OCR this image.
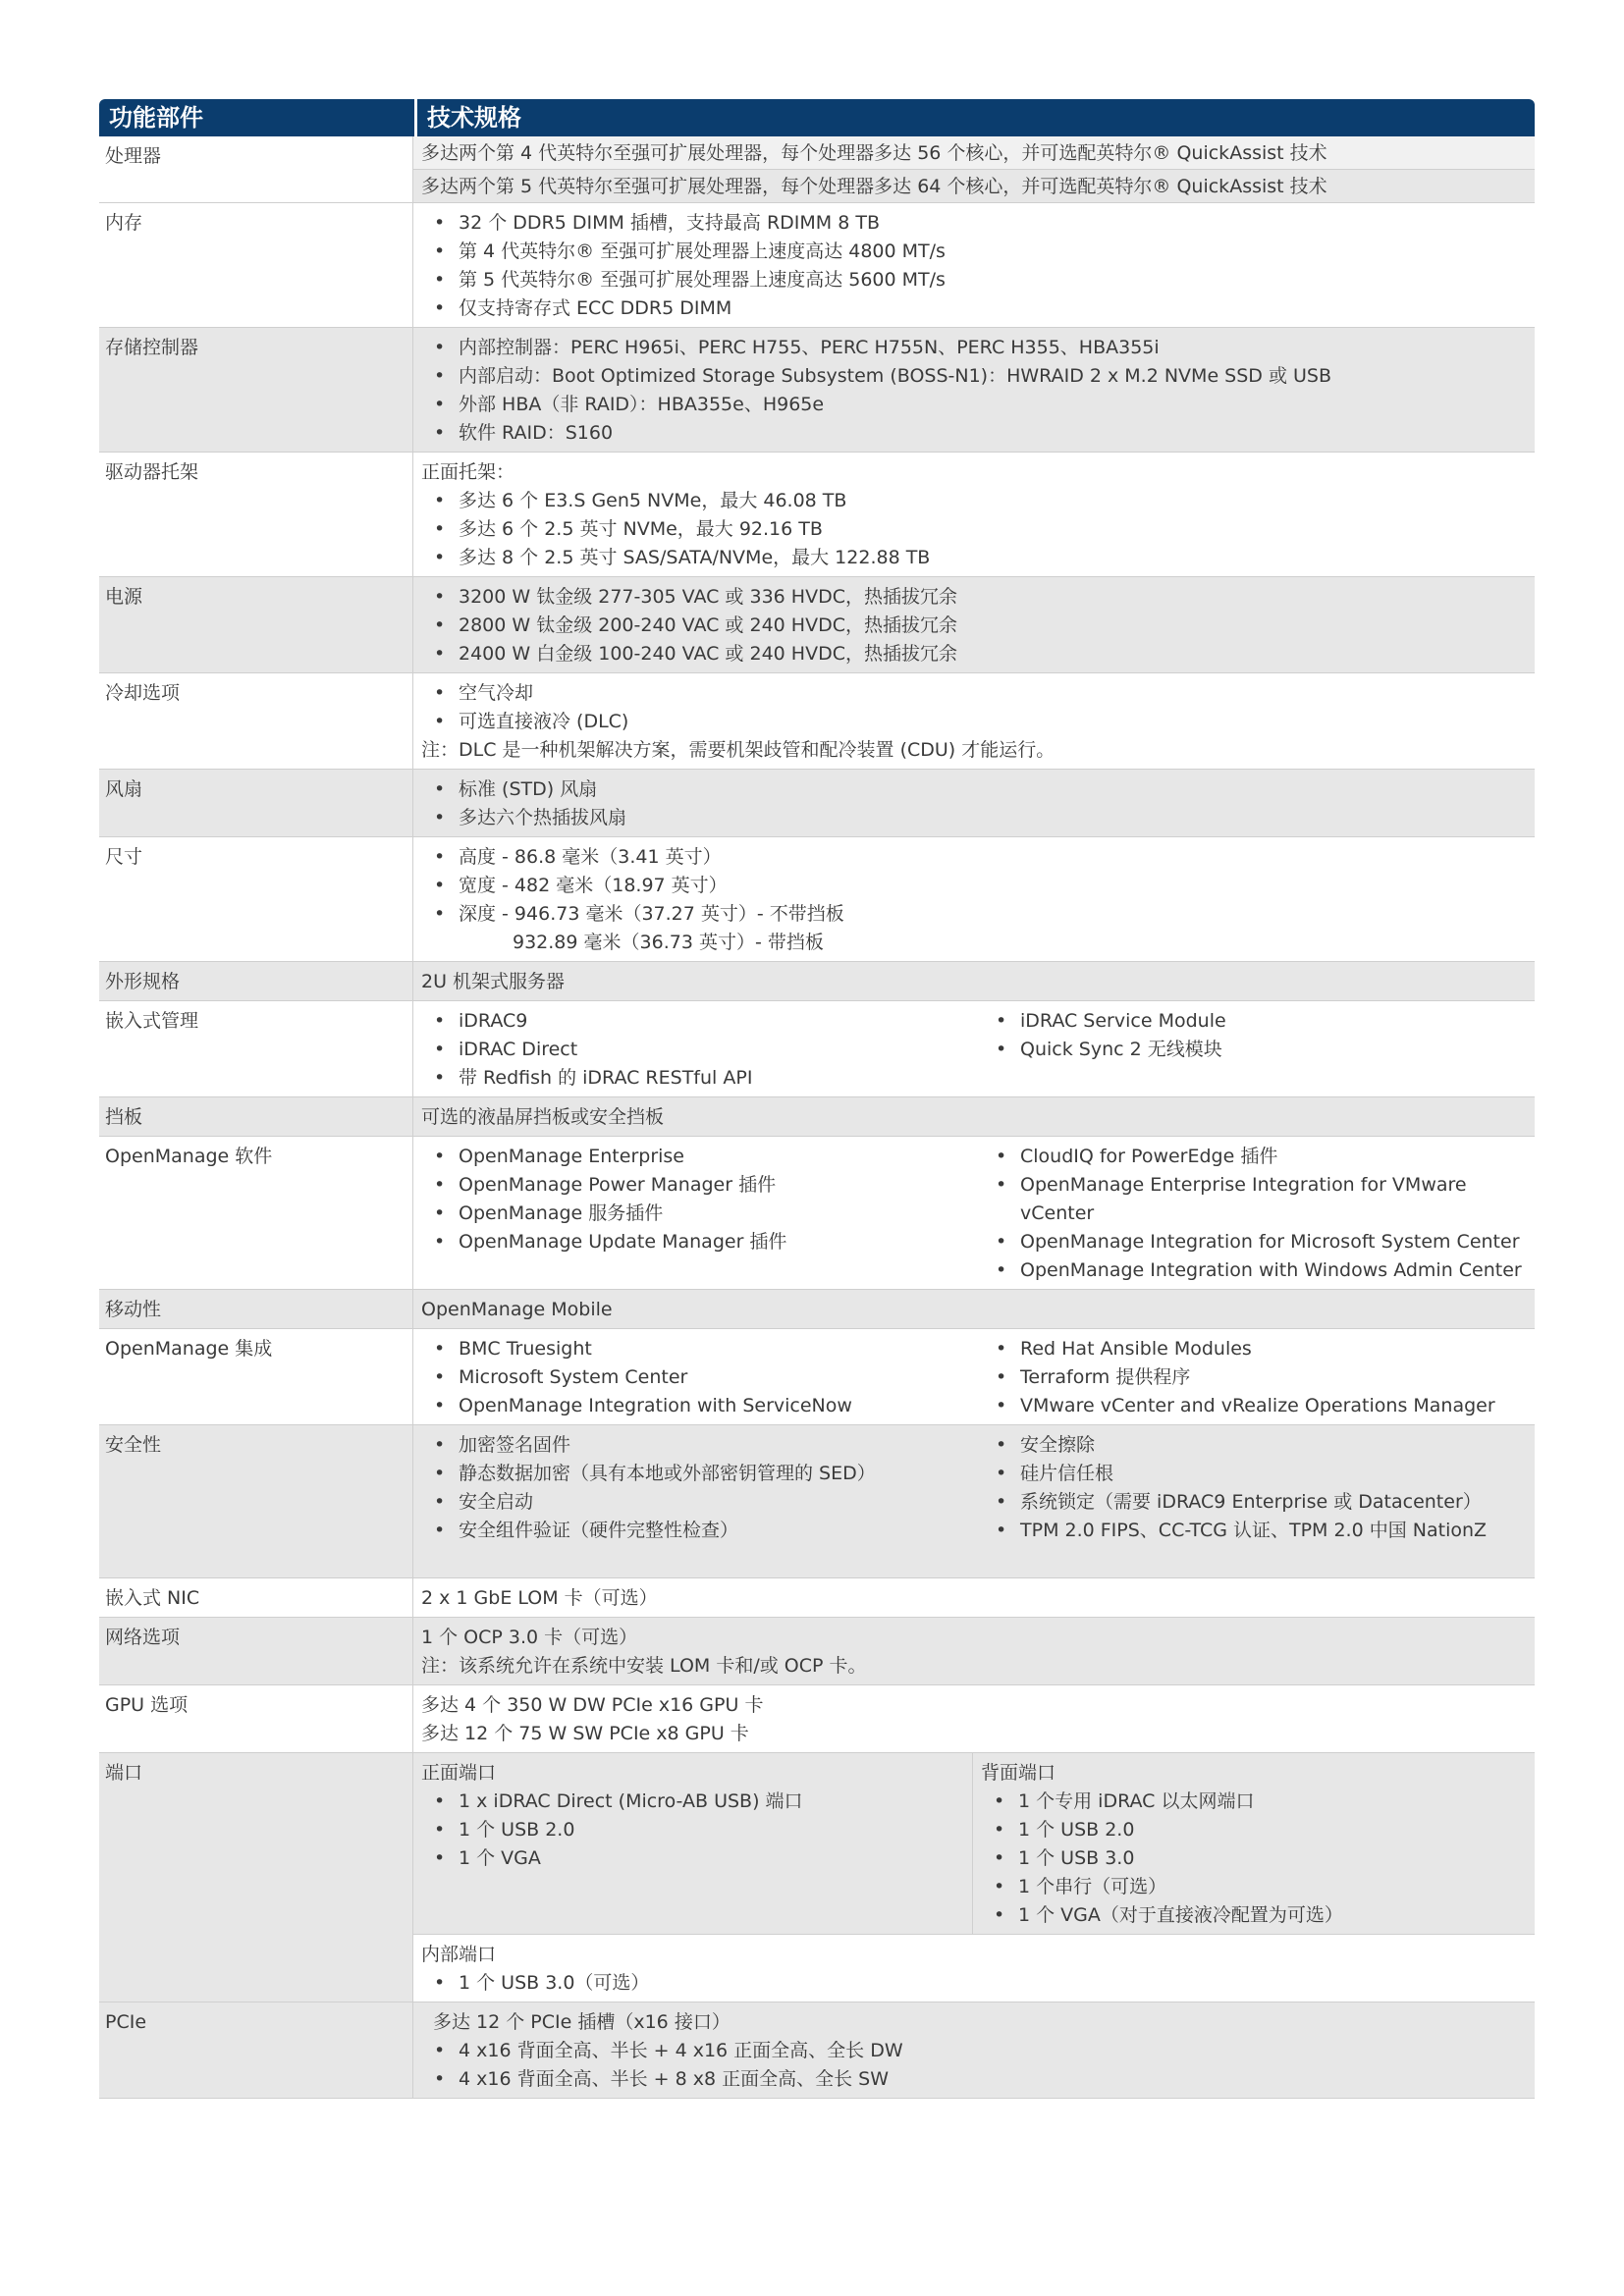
功能部件	技术规格
处理器	多达两个第 4 代英特尔至强可扩展处理器，每个处理器多达 56 个核心，并可选配英特尔® QuickAssist 技术
多达两个第 5 代英特尔至强可扩展处理器，每个处理器多达 64 个核心，并可选配英特尔® QuickAssist 技术
内存	• 32 个 DDR5 DIMM 插槽，支持最高 RDIMM 8 TB
• 第 4 代英特尔® 至强可扩展处理器上速度高达 4800 MT/s
• 第 5 代英特尔® 至强可扩展处理器上速度高达 5600 MT/s
• 仅支持寄存式 ECC DDR5 DIMM
存储控制器	• 内部控制器：PERC H965i、PERC H755、PERC H755N、PERC H355、HBA355i
• 内部启动：Boot Optimized Storage Subsystem (BOSS-N1)：HWRAID 2 x M.2 NVMe SSD 或 USB
• 外部 HBA（非 RAID）：HBA355e、H965e
• 软件 RAID：S160
驱动器托架	正面托架：
• 多达 6 个 E3.S Gen5 NVMe，最大 46.08 TB
• 多达 6 个 2.5 英寸 NVMe，最大 92.16 TB
• 多达 8 个 2.5 英寸 SAS/SATA/NVMe，最大 122.88 TB
电源	• 3200 W 钛金级 277-305 VAC 或 336 HVDC，热插拔冗余
• 2800 W 钛金级 200-240 VAC 或 240 HVDC，热插拔冗余
• 2400 W 白金级 100-240 VAC 或 240 HVDC，热插拔冗余
冷却选项	• 空气冷却
• 可选直接液冷 (DLC)
注：DLC 是一种机架解决方案，需要机架歧管和配冷装置 (CDU) 才能运行。
风扇	• 标准 (STD) 风扇
• 多达六个热插拔风扇
尺寸	• 高度 - 86.8 毫米（3.41 英寸）
• 宽度 - 482 毫米（18.97 英寸）
• 深度 - 946.73 毫米（37.27 英寸）- 不带挡板
932.89 毫米（36.73 英寸）- 带挡板
外形规格	2U 机架式服务器
嵌入式管理	• iDRAC9
• iDRAC Direct
• 带 Redfish 的 iDRAC RESTful API
• iDRAC Service Module
• Quick Sync 2 无线模块
挡板	可选的液晶屏挡板或安全挡板
OpenManage 软件	• OpenManage Enterprise
• OpenManage Power Manager 插件
• OpenManage 服务插件
• OpenManage Update Manager 插件
• CloudIQ for PowerEdge 插件
• OpenManage Enterprise Integration for VMware vCenter
• OpenManage Integration for Microsoft System Center
• OpenManage Integration with Windows Admin Center
移动性	OpenManage Mobile
OpenManage 集成	• BMC Truesight
• Microsoft System Center
• OpenManage Integration with ServiceNow
• Red Hat Ansible Modules
• Terraform 提供程序
• VMware vCenter and vRealize Operations Manager
安全性	• 加密签名固件
• 静态数据加密（具有本地或外部密钥管理的 SED）
• 安全启动
• 安全组件验证（硬件完整性检查）
• 安全擦除
• 硅片信任根
• 系统锁定（需要 iDRAC9 Enterprise 或 Datacenter）
• TPM 2.0 FIPS、CC-TCG 认证、TPM 2.0 中国 NationZ
嵌入式 NIC	2 x 1 GbE LOM 卡（可选）
网络选项	1 个 OCP 3.0 卡（可选）
注：该系统允许在系统中安装 LOM 卡和/或 OCP 卡。
GPU 选项	多达 4 个 350 W DW PCIe x16 GPU 卡
多达 12 个 75 W SW PCIe x8 GPU 卡
端口	正面端口
• 1 x iDRAC Direct (Micro-AB USB) 端口
• 1 个 USB 2.0
• 1 个 VGA
背面端口
• 1 个专用 iDRAC 以太网端口
• 1 个 USB 2.0
• 1 个 USB 3.0
• 1 个串行（可选）
• 1 个 VGA（对于直接液冷配置为可选）
内部端口
• 1 个 USB 3.0（可选）
PCIe	多达 12 个 PCIe 插槽（x16 接口）
• 4 x16 背面全高、半长 + 4 x16 正面全高、全长 DW
• 4 x16 背面全高、半长 + 8 x8 正面全高、全长 SW
